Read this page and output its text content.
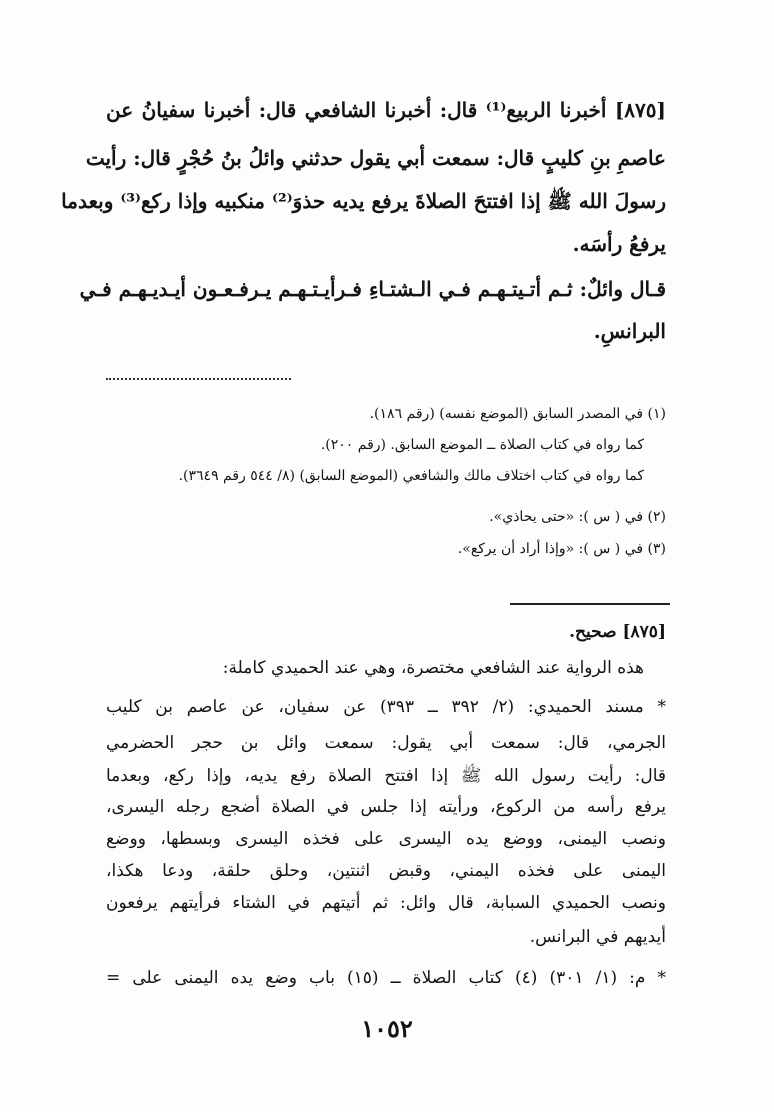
[٨٧٥] أخبرنا الربيع⁽¹⁾ قال: أخبرنا الشافعي قال: أخبرنا سفيانُ عن
عاصمِ بنِ كليبٍ قال: سمعت أبي يقول حدثني وائلُ بنُ حُجْرٍ قال: رأيت
رسولَ الله ﷺ إذا افتتحَ الصلاةَ يرفع يديه حذوَ⁽²⁾ منكبيه وإذا ركع⁽³⁾ وبعدما
يرفعُ رأسَه.
قـال وائلٌ: ثـم أتـيتـهـم فـي الـشتـاءِ فـرأيـتـهـم يـرفـعـون أيـديـهـم فـي
البرانسِ.
(١) في المصدر السابق (الموضع نفسه) (رقم ١٨٦).
كما رواه في كتاب الصلاة ــ الموضع السابق. (رقم ٢٠٠).
كما رواه في كتاب اختلاف مالك والشافعي (الموضع السابق) (٨/ ٥٤٤ رقم ٣٦٤٩).
(٢) في ( س ): «حتى يحاذي».
(٣) في ( س ): «وإذا أراد أن يركع».
[٨٧٥] صحيح.
هذه الرواية عند الشافعي مختصرة، وهي عند الحميدي كاملة:
* مسند الحميدي: (٢/ ٣٩٢ ــ ٣٩٣) عن سفيان، عن عاصم بن كليب
الجرمي، قال: سمعت أبي يقول: سمعت وائل بن حجر الحضرمي
قال: رأيت رسول الله ﷺ إذا افتتح الصلاة رفع يديه، وإذا ركع، وبعدما
يرفع رأسه من الركوع، ورأيته إذا جلس في الصلاة أضجع رجله اليسرى،
ونصب اليمنى، ووضع يده اليسرى على فخذه اليسرى وبسطها، ووضع
اليمنى على فخذه اليمني، وقبض اثنتين، وحلق حلقة، ودعا هكذا،
ونصب الحميدي السبابة، قال وائل: ثم أتيتهم في الشتاء فرأيتهم يرفعون
أيديهم في البرانس.
* م: (١/ ٣٠١) (٤) كتاب الصلاة ــ (١٥) باب وضع يده اليمنى على =
١٠٥٢
